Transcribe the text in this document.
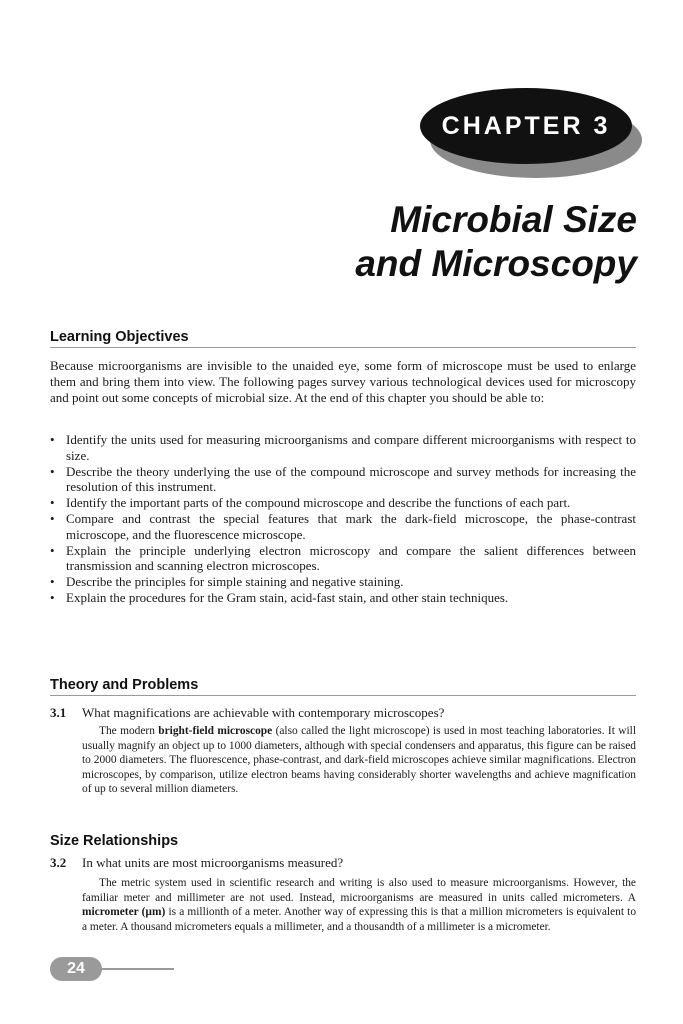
CHAPTER 3
Microbial Size
and Microscopy
Learning Objectives

Because microorganisms are invisible to the unaided eye, some form of microscope must be used to enlarge them and bring them into view. The following pages survey various technological devices used for microscopy and point out some concepts of microbial size. At the end of this chapter you should be able to:

• Identify the units used for measuring microorganisms and compare different microorganisms with respect to size.
• Describe the theory underlying the use of the compound microscope and survey methods for increasing the resolution of this instrument.
• Identify the important parts of the compound microscope and describe the functions of each part.
• Compare and contrast the special features that mark the dark-field microscope, the phase-contrast microscope, and the fluorescence microscope.
• Explain the principle underlying electron microscopy and compare the salient differences between transmission and scanning electron microscopes.
• Describe the principles for simple staining and negative staining.
• Explain the procedures for the Gram stain, acid-fast stain, and other stain techniques.
Theory and Problems
3.1 What magnifications are achievable with contemporary microscopes?

The modern bright-field microscope (also called the light microscope) is used in most teaching laboratories. It will usually magnify an object up to 1000 diameters, although with special condensers and apparatus, this figure can be raised to 2000 diameters. The fluorescence, phase-contrast, and dark-field microscopes achieve similar magnifications. Electron microscopes, by comparison, utilize electron beams having considerably shorter wavelengths and achieve magnification of up to several million diameters.

Size Relationships
3.2 In what units are most microorganisms measured?

The metric system used in scientific research and writing is also used to measure microorganisms. However, the familiar meter and millimeter are not used. Instead, microorganisms are measured in units called micrometers. A micrometer (µm) is a millionth of a meter. Another way of expressing this is that a million micrometers is equivalent to a meter. A thousand micrometers equals a millimeter, and a thousandth of a millimeter is a micrometer.

24
